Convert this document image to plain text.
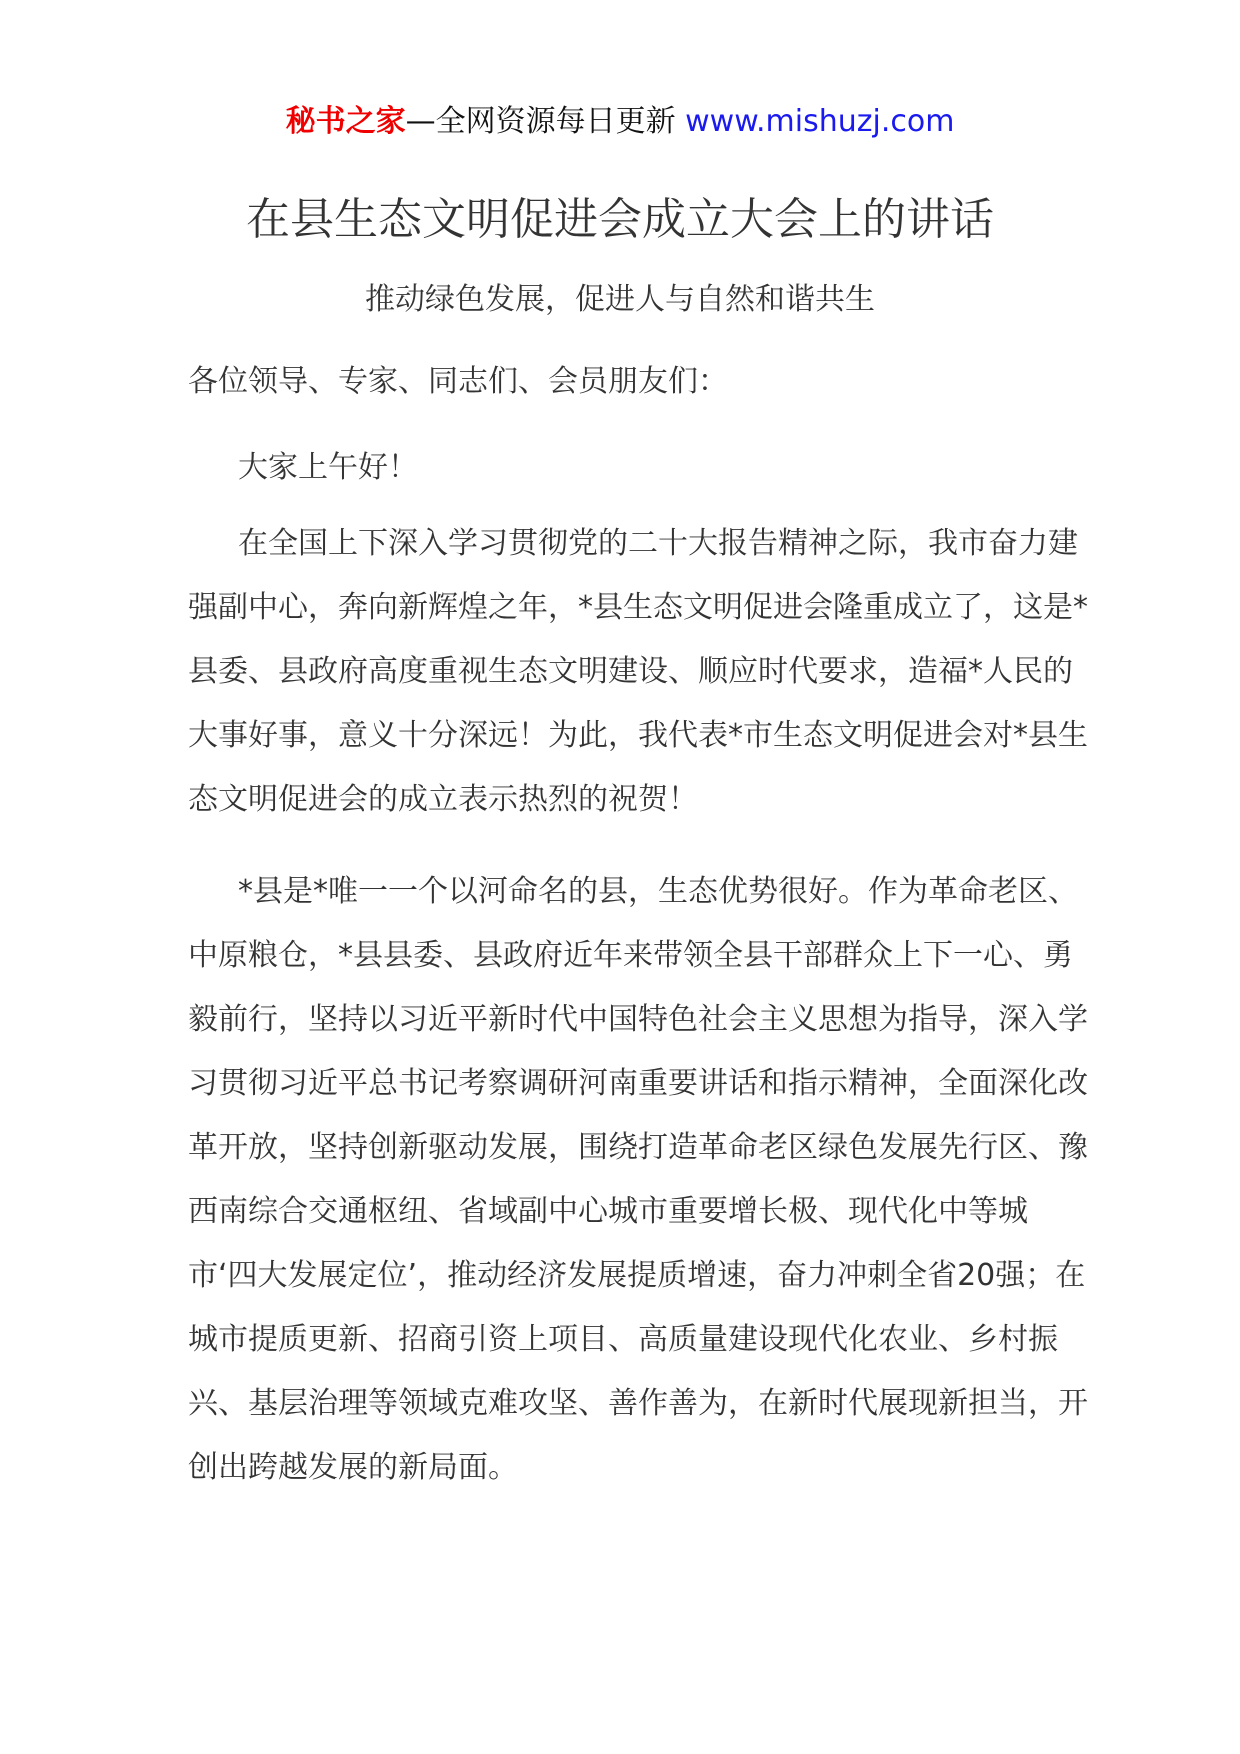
秘书之家—全网资源每日更新 www.mishuzj.com
在县生态文明促进会成立大会上的讲话
推动绿色发展，促进人与自然和谐共生
各位领导、专家、同志们、会员朋友们：
大家上午好！
在全国上下深入学习贯彻党的二十大报告精神之际，我市奋力建强副中心，奔向新辉煌之年，*县生态文明促进会隆重成立了，这是*县委、县政府高度重视生态文明建设、顺应时代要求，造福*人民的大事好事，意义十分深远！为此，我代表*市生态文明促进会对*县生态文明促进会的成立表示热烈的祝贺！
*县是*唯一一个以河命名的县，生态优势很好。作为革命老区、中原粮仓，*县县委、县政府近年来带领全县干部群众上下一心、勇毅前行，坚持以习近平新时代中国特色社会主义思想为指导，深入学习贯彻习近平总书记考察调研河南重要讲话和指示精神，全面深化改革开放，坚持创新驱动发展，围绕打造革命老区绿色发展先行区、豫西南综合交通枢纽、省域副中心城市重要增长极、现代化中等城市‘四大发展定位’，推动经济发展提质增速，奋力冲刺全省20强；在城市提质更新、招商引资上项目、高质量建设现代化农业、乡村振兴、基层治理等领域克难攻坚、善作善为，在新时代展现新担当，开创出跨越发展的新局面。
